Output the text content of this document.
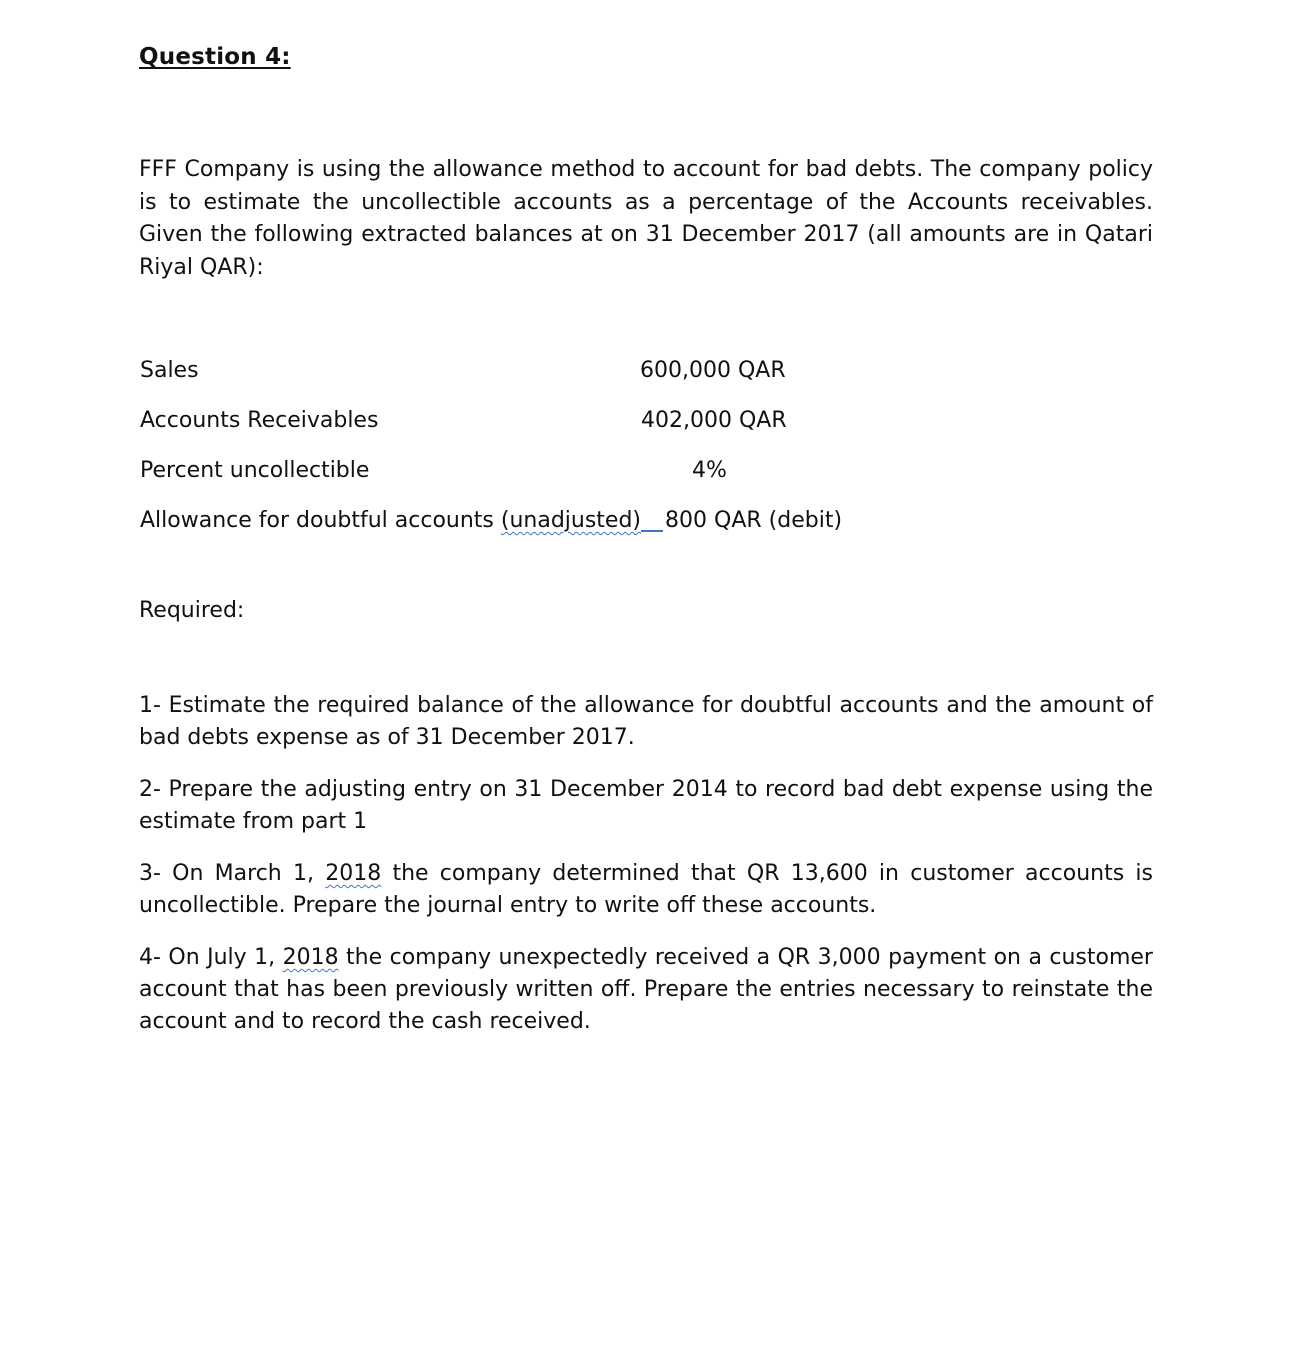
Question 4:

FFF Company is using the allowance method to account for bad debts. The company policy is to estimate the uncollectible accounts as a percentage of the Accounts receivables. Given the following extracted balances at on 31 December 2017 (all amounts are in Qatari Riyal QAR):

Sales	600,000 QAR
Accounts Receivables	402,000 QAR
Percent uncollectible	4%
Allowance for doubtful accounts (unadjusted) 800 QAR (debit)
Required:

1- Estimate the required balance of the allowance for doubtful accounts and the amount of bad debts expense as of 31 December 2017.

2- Prepare the adjusting entry on 31 December 2014 to record bad debt expense using the estimate from part 1

3- On March 1, 2018 the company determined that QR 13,600 in customer accounts is uncollectible. Prepare the journal entry to write off these accounts.

4- On July 1, 2018 the company unexpectedly received a QR 3,000 payment on a customer account that has been previously written off. Prepare the entries necessary to reinstate the account and to record the cash received.
